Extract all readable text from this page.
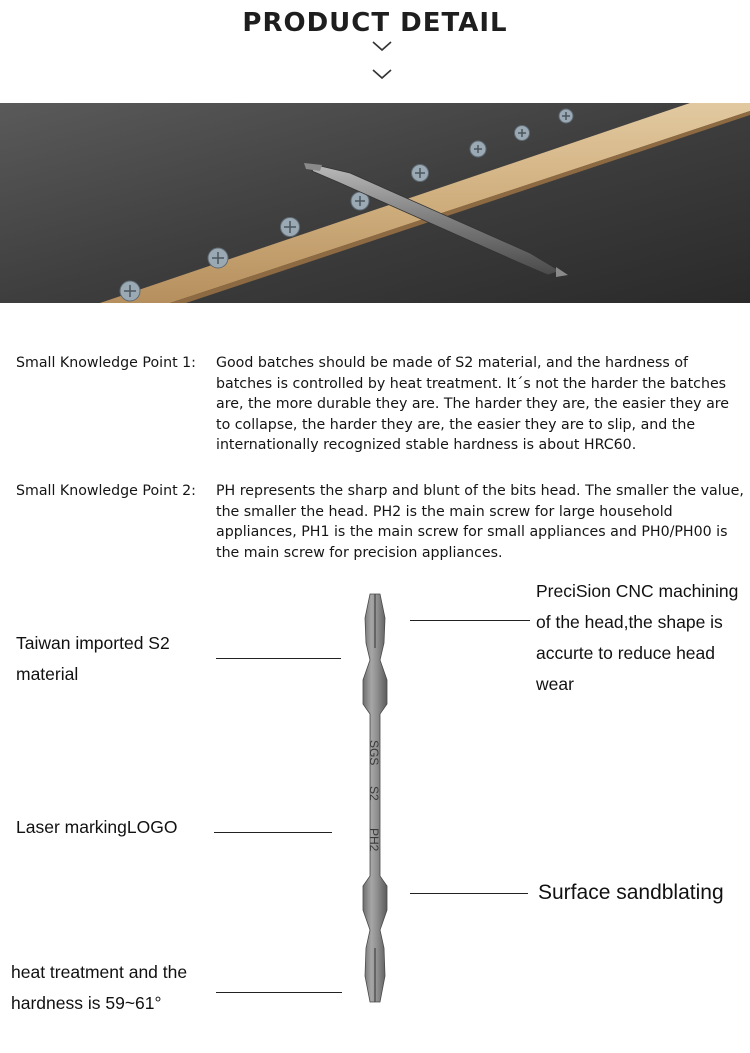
PRODUCT DETAIL
Small Knowledge Point 1: Good batches should be made of S2 material, and the hardness of batches is controlled by heat treatment. It´s not the harder the batches are, the more durable they are. The harder they are, the easier they are to collapse, the harder they are, the easier they are to slip, and the internationally recognized stable hardness is about HRC60.
Small Knowledge Point 2: PH represents the sharp and blunt of the bits head. The smaller the value, the smaller the head. PH2 is the main screw for large household appliances, PH1 is the main screw for small appliances and PH0/PH00 is the main screw for precision appliances.
SGS
S2
PH2
PreciSion CNC machining of the head,the shape is accurte to reduce head wear
Taiwan imported S2 material
Laser markingLOGO
Surface sandblating
heat treatment and the hardness is 59~61°
